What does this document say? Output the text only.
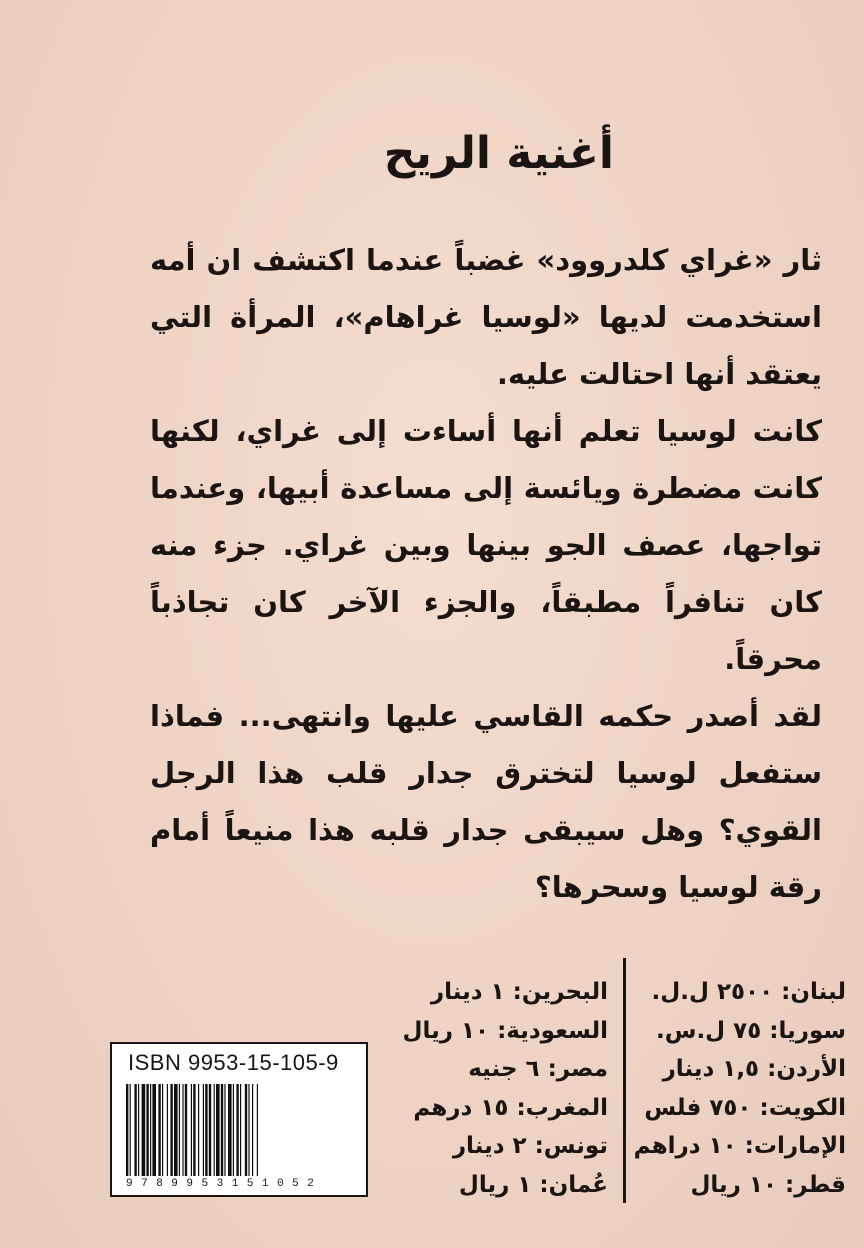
أغنية الريح

ثار «غراي كلدروود» غضباً عندما اكتشف ان أمه استخدمت لديها «لوسيا غراهام»، المرأة التي يعتقد أنها احتالت عليه.

كانت لوسيا تعلم أنها أساءت إلى غراي، لكنها كانت مضطرة ويائسة إلى مساعدة أبيها، وعندما تواجها، عصف الجو بينها وبين غراي. جزء منه كان تنافراً مطبقاً، والجزء الآخر كان تجاذباً محرقاً.

لقد أصدر حكمه القاسي عليها وانتهى... فماذا ستفعل لوسيا لتخترق جدار قلب هذا الرجل القوي؟ وهل سيبقى جدار قلبه هذا منيعاً أمام رقة لوسيا وسحرها؟

لبنان: ٢٥٠٠ ل.ل.
سوريا: ٧٥ ل.س.
الأردن: ١,٥ دينار
الكويت: ٧٥٠ فلس
الإمارات: ١٠ دراهم
قطر: ١٠ ريال
البحرين: ١ دينار
السعودية: ١٠ ريال
مصر: ٦ جنيه
المغرب: ١٥ درهم
تونس: ٢ دينار
عُمان: ١ ريال
ISBN 9953-15-105-9
9789953151052
